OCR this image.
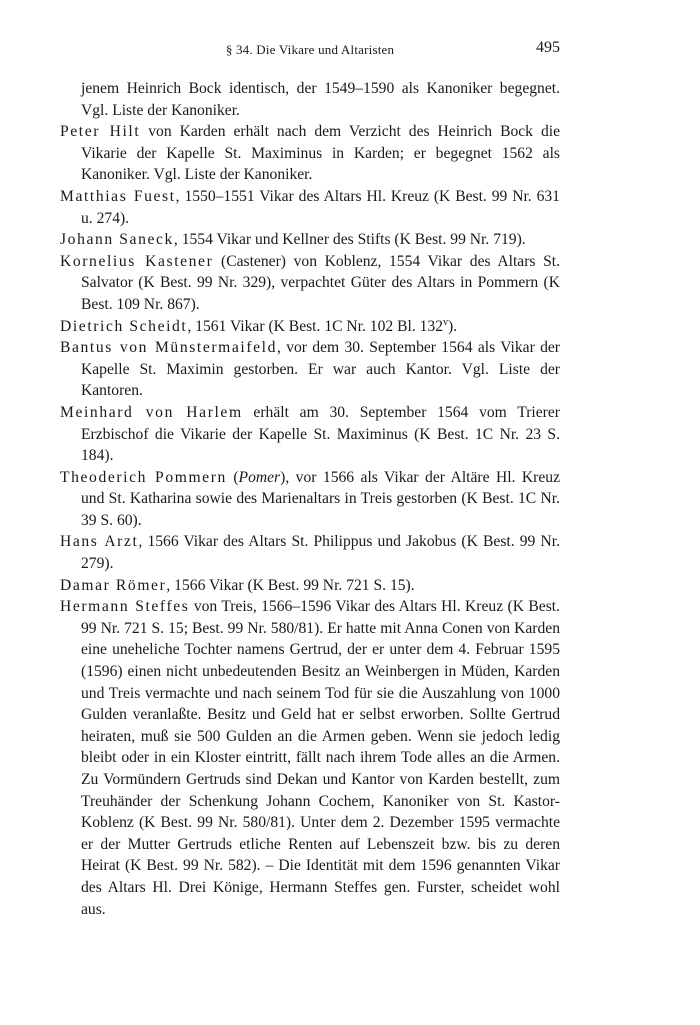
§ 34. Die Vikare und Altaristen	495

jenem Heinrich Bock identisch, der 1549–1590 als Kanoniker begegnet. Vgl. Liste der Kanoniker.

Peter Hilt von Karden erhält nach dem Verzicht des Heinrich Bock die Vikarie der Kapelle St. Maximinus in Karden; er begegnet 1562 als Kanoniker. Vgl. Liste der Kanoniker.

Matthias Fuest, 1550–1551 Vikar des Altars Hl. Kreuz (K Best. 99 Nr. 631 u. 274).

Johann Saneck, 1554 Vikar und Kellner des Stifts (K Best. 99 Nr. 719).

Kornelius Kastener (Castener) von Koblenz, 1554 Vikar des Altars St. Salvator (K Best. 99 Nr. 329), verpachtet Güter des Altars in Pommern (K Best. 109 Nr. 867).

Dietrich Scheidt, 1561 Vikar (K Best. 1C Nr. 102 Bl. 132$^v$).

Bantus von Münstermaifeld, vor dem 30. September 1564 als Vikar der Kapelle St. Maximin gestorben. Er war auch Kantor. Vgl. Liste der Kantoren.

Meinhard von Harlem erhält am 30. September 1564 vom Trierer Erzbischof die Vikarie der Kapelle St. Maximinus (K Best. 1C Nr. 23 S. 184).

Theoderich Pommern (Pomer), vor 1566 als Vikar der Altäre Hl. Kreuz und St. Katharina sowie des Marienaltars in Treis gestorben (K Best. 1C Nr. 39 S. 60).

Hans Arzt, 1566 Vikar des Altars St. Philippus und Jakobus (K Best. 99 Nr. 279).

Damar Römer, 1566 Vikar (K Best. 99 Nr. 721 S. 15).

Hermann Steffes von Treis, 1566–1596 Vikar des Altars Hl. Kreuz (K Best. 99 Nr. 721 S. 15; Best. 99 Nr. 580/81). Er hatte mit Anna Conen von Karden eine uneheliche Tochter namens Gertrud, der er unter dem 4. Februar 1595 (1596) einen nicht unbedeutenden Besitz an Weinbergen in Müden, Karden und Treis vermachte und nach seinem Tod für sie die Auszahlung von 1000 Gulden veranlaßte. Besitz und Geld hat er selbst erworben. Sollte Gertrud heiraten, muß sie 500 Gulden an die Armen geben. Wenn sie jedoch ledig bleibt oder in ein Kloster eintritt, fällt nach ihrem Tode alles an die Armen. Zu Vormündern Gertruds sind Dekan und Kantor von Karden bestellt, zum Treuhänder der Schenkung Johann Cochem, Kanoniker von St. Kastor-Koblenz (K Best. 99 Nr. 580/81). Unter dem 2. Dezember 1595 vermachte er der Mutter Gertruds etliche Renten auf Lebenszeit bzw. bis zu deren Heirat (K Best. 99 Nr. 582). – Die Identität mit dem 1596 genannten Vikar des Altars Hl. Drei Könige, Hermann Steffes gen. Furster, scheidet wohl aus.
